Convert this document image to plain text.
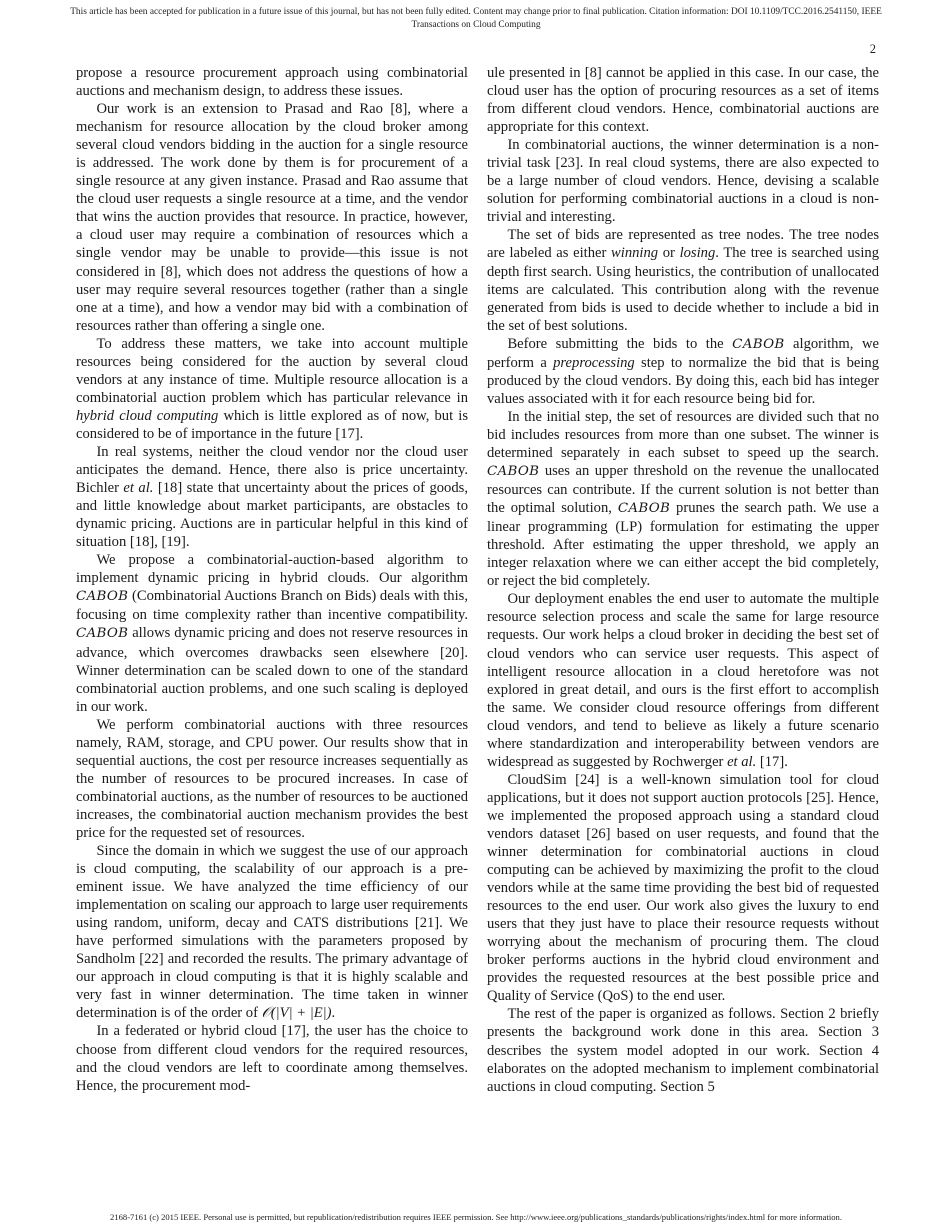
This article has been accepted for publication in a future issue of this journal, but has not been fully edited. Content may change prior to final publication. Citation information: DOI 10.1109/TCC.2016.2541150, IEEE
Transactions on Cloud Computing
2

propose a resource procurement approach using combinatorial auctions and mechanism design, to address these issues.

Our work is an extension to Prasad and Rao [8], where a mechanism for resource allocation by the cloud broker among several cloud vendors bidding in the auction for a single resource is addressed. The work done by them is for procurement of a single resource at any given instance. Prasad and Rao assume that the cloud user requests a single resource at a time, and the vendor that wins the auction provides that resource. In practice, however, a cloud user may require a combination of resources which a single vendor may be unable to provide—this issue is not considered in [8], which does not address the questions of how a user may require several resources together (rather than a single one at a time), and how a vendor may bid with a combination of resources rather than offering a single one.

To address these matters, we take into account multiple resources being considered for the auction by several cloud vendors at any instance of time. Multiple resource allocation is a combinatorial auction problem which has particular relevance in hybrid cloud computing which is little explored as of now, but is considered to be of importance in the future [17].

In real systems, neither the cloud vendor nor the cloud user anticipates the demand. Hence, there also is price uncertainty. Bichler et al. [18] state that uncertainty about the prices of goods, and little knowledge about market participants, are obstacles to dynamic pricing. Auctions are in particular helpful in this kind of situation [18], [19].

We propose a combinatorial-auction-based algorithm to implement dynamic pricing in hybrid clouds. Our algorithm CABOB (Combinatorial Auctions Branch on Bids) deals with this, focusing on time complexity rather than incentive compatibility. CABOB allows dynamic pricing and does not reserve resources in advance, which overcomes drawbacks seen elsewhere [20]. Winner determination can be scaled down to one of the standard combinatorial auction problems, and one such scaling is deployed in our work.

We perform combinatorial auctions with three resources namely, RAM, storage, and CPU power. Our results show that in sequential auctions, the cost per resource increases sequentially as the number of resources to be procured increases. In case of combinatorial auctions, as the number of resources to be auctioned increases, the combinatorial auction mechanism provides the best price for the requested set of resources.

Since the domain in which we suggest the use of our approach is cloud computing, the scalability of our approach is a pre-eminent issue. We have analyzed the time efficiency of our implementation on scaling our approach to large user requirements using random, uniform, decay and CATS distributions [21]. We have performed simulations with the parameters proposed by Sandholm [22] and recorded the results. The primary advantage of our approach in cloud computing is that it is highly scalable and very fast in winner determination. The time taken in winner determination is of the order of 𝒪(|V| + |E|).

In a federated or hybrid cloud [17], the user has the choice to choose from different cloud vendors for the required resources, and the cloud vendors are left to coordinate among themselves. Hence, the procurement mod-

ule presented in [8] cannot be applied in this case. In our case, the cloud user has the option of procuring resources as a set of items from different cloud vendors. Hence, combinatorial auctions are appropriate for this context.

In combinatorial auctions, the winner determination is a non-trivial task [23]. In real cloud systems, there are also expected to be a large number of cloud vendors. Hence, devising a scalable solution for performing combinatorial auctions in a cloud is non-trivial and interesting.

The set of bids are represented as tree nodes. The tree nodes are labeled as either winning or losing. The tree is searched using depth first search. Using heuristics, the contribution of unallocated items are calculated. This contribution along with the revenue generated from bids is used to decide whether to include a bid in the set of best solutions.

Before submitting the bids to the CABOB algorithm, we perform a preprocessing step to normalize the bid that is being produced by the cloud vendors. By doing this, each bid has integer values associated with it for each resource being bid for.

In the initial step, the set of resources are divided such that no bid includes resources from more than one subset. The winner is determined separately in each subset to speed up the search. CABOB uses an upper threshold on the revenue the unallocated resources can contribute. If the current solution is not better than the optimal solution, CABOB prunes the search path. We use a linear programming (LP) formulation for estimating the upper threshold. After estimating the upper threshold, we apply an integer relaxation where we can either accept the bid completely, or reject the bid completely.

Our deployment enables the end user to automate the multiple resource selection process and scale the same for large resource requests. Our work helps a cloud broker in deciding the best set of cloud vendors who can service user requests. This aspect of intelligent resource allocation in a cloud heretofore was not explored in great detail, and ours is the first effort to accomplish the same. We consider cloud resource offerings from different cloud vendors, and tend to believe as likely a future scenario where standardization and interoperability between vendors are widespread as suggested by Rochwerger et al. [17].

CloudSim [24] is a well-known simulation tool for cloud applications, but it does not support auction protocols [25]. Hence, we implemented the proposed approach using a standard cloud vendors dataset [26] based on user requests, and found that the winner determination for combinatorial auctions in cloud computing can be achieved by maximizing the profit to the cloud vendors while at the same time providing the best bid of requested resources to the end user. Our work also gives the luxury to end users that they just have to place their resource requests without worrying about the mechanism of procuring them. The cloud broker performs auctions in the hybrid cloud environment and provides the requested resources at the best possible price and Quality of Service (QoS) to the end user.

The rest of the paper is organized as follows. Section 2 briefly presents the background work done in this area. Section 3 describes the system model adopted in our work. Section 4 elaborates on the adopted mechanism to implement combinatorial auctions in cloud computing. Section 5

2168-7161 (c) 2015 IEEE. Personal use is permitted, but republication/redistribution requires IEEE permission. See http://www.ieee.org/publications_standards/publications/rights/index.html for more information.
